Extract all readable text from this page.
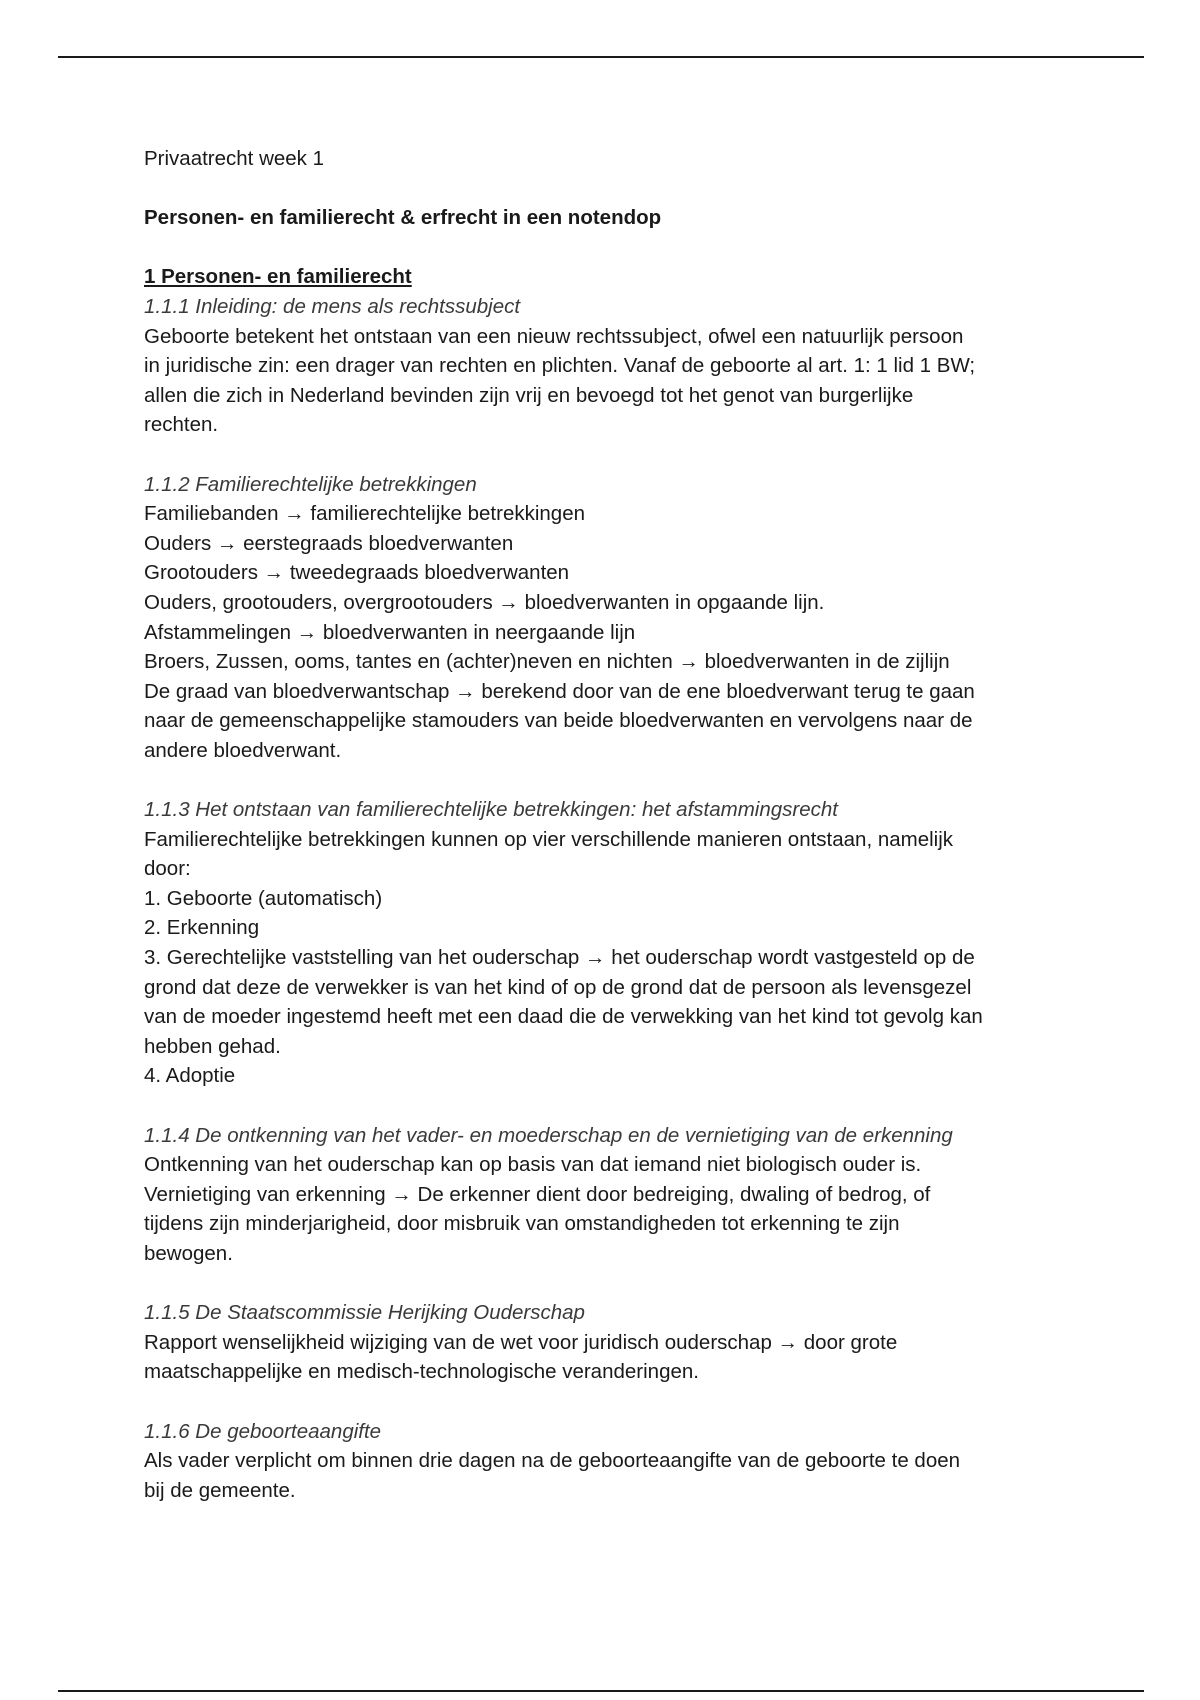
Privaatrecht week 1
Personen- en familierecht & erfrecht in een notendop
1 Personen- en familierecht
1.1.1 Inleiding: de mens als rechtssubject
Geboorte betekent het ontstaan van een nieuw rechtssubject, ofwel een natuurlijk persoon
in juridische zin: een drager van rechten en plichten. Vanaf de geboorte al art. 1: 1 lid 1 BW;
allen die zich in Nederland bevinden zijn vrij en bevoegd tot het genot van burgerlijke
rechten.
1.1.2 Familierechtelijke betrekkingen
Familiebanden → familierechtelijke betrekkingen
Ouders → eerstegraads bloedverwanten
Grootouders → tweedegraads bloedverwanten
Ouders, grootouders, overgrootouders → bloedverwanten in opgaande lijn.
Afstammelingen → bloedverwanten in neergaande lijn
Broers, Zussen, ooms, tantes en (achter)neven en nichten → bloedverwanten in de zijlijn
De graad van bloedverwantschap → berekend door van de ene bloedverwant terug te gaan
naar de gemeenschappelijke stamouders van beide bloedverwanten en vervolgens naar de
andere bloedverwant.
1.1.3 Het ontstaan van familierechtelijke betrekkingen: het afstammingsrecht
Familierechtelijke betrekkingen kunnen op vier verschillende manieren ontstaan, namelijk
door:
1. Geboorte (automatisch)
2. Erkenning
3. Gerechtelijke vaststelling van het ouderschap → het ouderschap wordt vastgesteld op de
grond dat deze de verwekker is van het kind of op de grond dat de persoon als levensgezel
van de moeder ingestemd heeft met een daad die de verwekking van het kind tot gevolg kan
hebben gehad.
4. Adoptie
1.1.4 De ontkenning van het vader- en moederschap en de vernietiging van de erkenning
Ontkenning van het ouderschap kan op basis van dat iemand niet biologisch ouder is.
Vernietiging van erkenning → De erkenner dient door bedreiging, dwaling of bedrog, of
tijdens zijn minderjarigheid, door misbruik van omstandigheden tot erkenning te zijn
bewogen.
1.1.5 De Staatscommissie Herijking Ouderschap
Rapport wenselijkheid wijziging van de wet voor juridisch ouderschap → door grote
maatschappelijke en medisch-technologische veranderingen.
1.1.6 De geboorteaangifte
Als vader verplicht om binnen drie dagen na de geboorteaangifte van de geboorte te doen
bij de gemeente.
